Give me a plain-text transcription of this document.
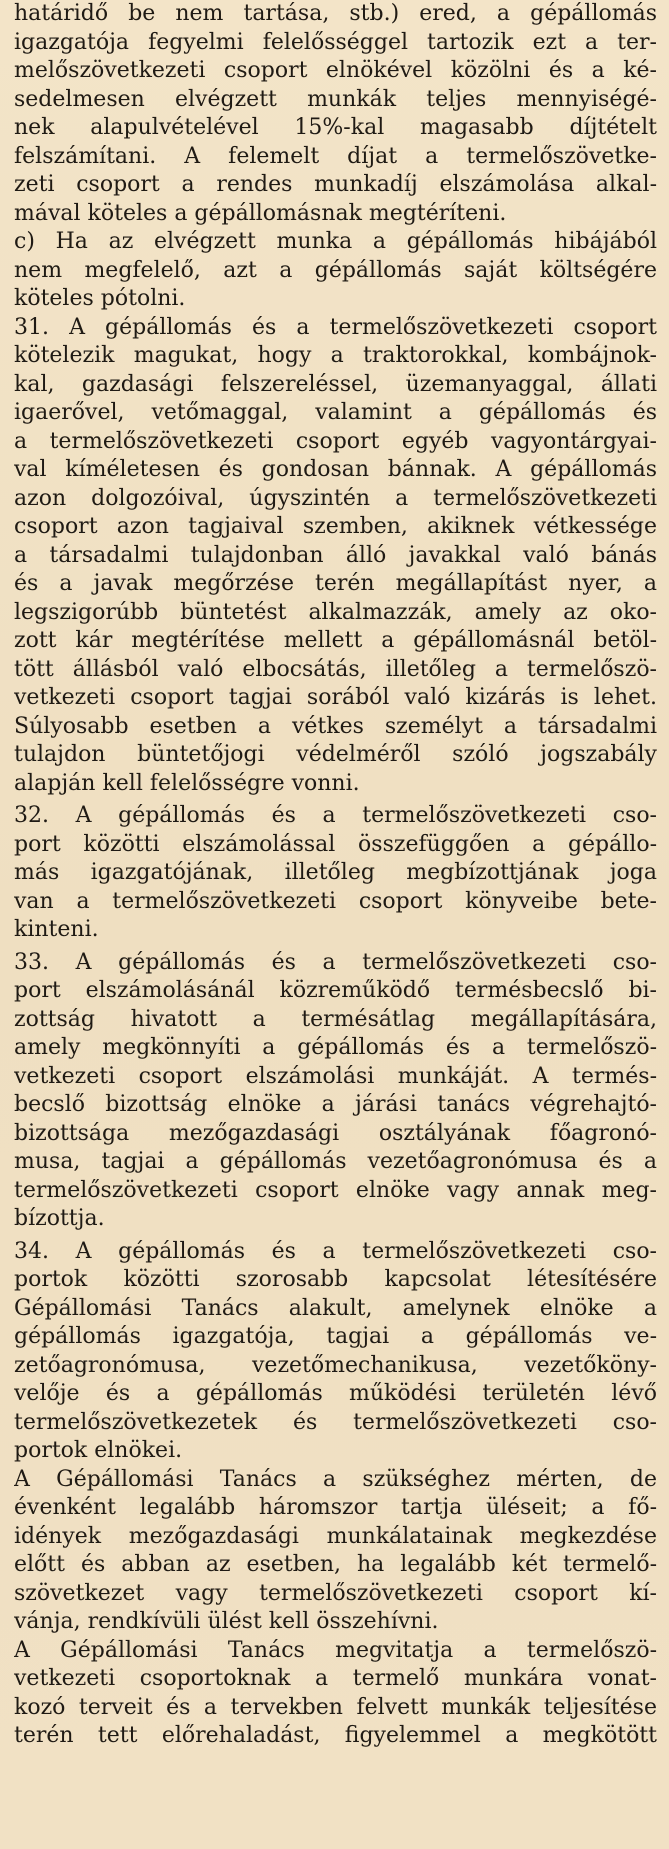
határidő be nem tartása, stb.) ered, a gépállomás
igazgatója fegyelmi felelősséggel tartozik ezt a ter-
melőszövetkezeti csoport elnökével közölni és a ké-
sedelmesen elvégzett munkák teljes mennyiségé-
nek alapulvételével 15%-kal magasabb díjtételt
felszámítani. A felemelt díjat a termelőszövetke-
zeti csoport a rendes munkadíj elszámolása alkal-
mával köteles a gépállomásnak megtéríteni.
c) Ha az elvégzett munka a gépállomás hibájából
nem megfelelő, azt a gépállomás saját költségére
köteles pótolni.
31. A gépállomás és a termelőszövetkezeti csoport
kötelezik magukat, hogy a traktorokkal, kombájnok-
kal, gazdasági felszereléssel, üzemanyaggal, állati
igaerővel, vetőmaggal, valamint a gépállomás és
a termelőszövetkezeti csoport egyéb vagyontárgyai-
val kíméletesen és gondosan bánnak. A gépállomás
azon dolgozóival, úgyszintén a termelőszövetkezeti
csoport azon tagjaival szemben, akiknek vétkessége
a társadalmi tulajdonban álló javakkal való bánás
és a javak megőrzése terén megállapítást nyer, a
legszigorúbb büntetést alkalmazzák, amely az oko-
zott kár megtérítése mellett a gépállomásnál betöl-
tött állásból való elbocsátás, illetőleg a termelőszö-
vetkezeti csoport tagjai sorából való kizárás is lehet.
Súlyosabb esetben a vétkes személyt a társadalmi
tulajdon büntetőjogi védelméről szóló jogszabály
alapján kell felelősségre vonni.
32. A gépállomás és a termelőszövetkezeti cso-
port közötti elszámolással összefüggően a gépállo-
más igazgatójának, illetőleg megbízottjának joga
van a termelőszövetkezeti csoport könyveibe bete-
kinteni.
33. A gépállomás és a termelőszövetkezeti cso-
port elszámolásánál közreműködő termésbecslő bi-
zottság hivatott a termésátlag megállapítására,
amely megkönnyíti a gépállomás és a termelőszö-
vetkezeti csoport elszámolási munkáját. A termés-
becslő bizottság elnöke a járási tanács végrehajtó-
bizottsága mezőgazdasági osztályának főagronó-
musa, tagjai a gépállomás vezetőagronómusa és a
termelőszövetkezeti csoport elnöke vagy annak meg-
bízottja.
34. A gépállomás és a termelőszövetkezeti cso-
portok közötti szorosabb kapcsolat létesítésére
Gépállomási Tanács alakult, amelynek elnöke a
gépállomás igazgatója, tagjai a gépállomás ve-
zetőagronómusa, vezetőmechanikusa, vezetőköny-
velője és a gépállomás működési területén lévő
termelőszövetkezetek és termelőszövetkezeti cso-
portok elnökei.
A Gépállomási Tanács a szükséghez mérten, de
évenként legalább háromszor tartja üléseit; a fő-
idények mezőgazdasági munkálatainak megkezdése
előtt és abban az esetben, ha legalább két termelő-
szövetkezet vagy termelőszövetkezeti csoport kí-
vánja, rendkívüli ülést kell összehívni.
A Gépállomási Tanács megvitatja a termelőszö-
vetkezeti csoportoknak a termelő munkára vonat-
kozó terveit és a tervekben felvett munkák teljesítése
terén tett előrehaladást, figyelemmel a megkötött
